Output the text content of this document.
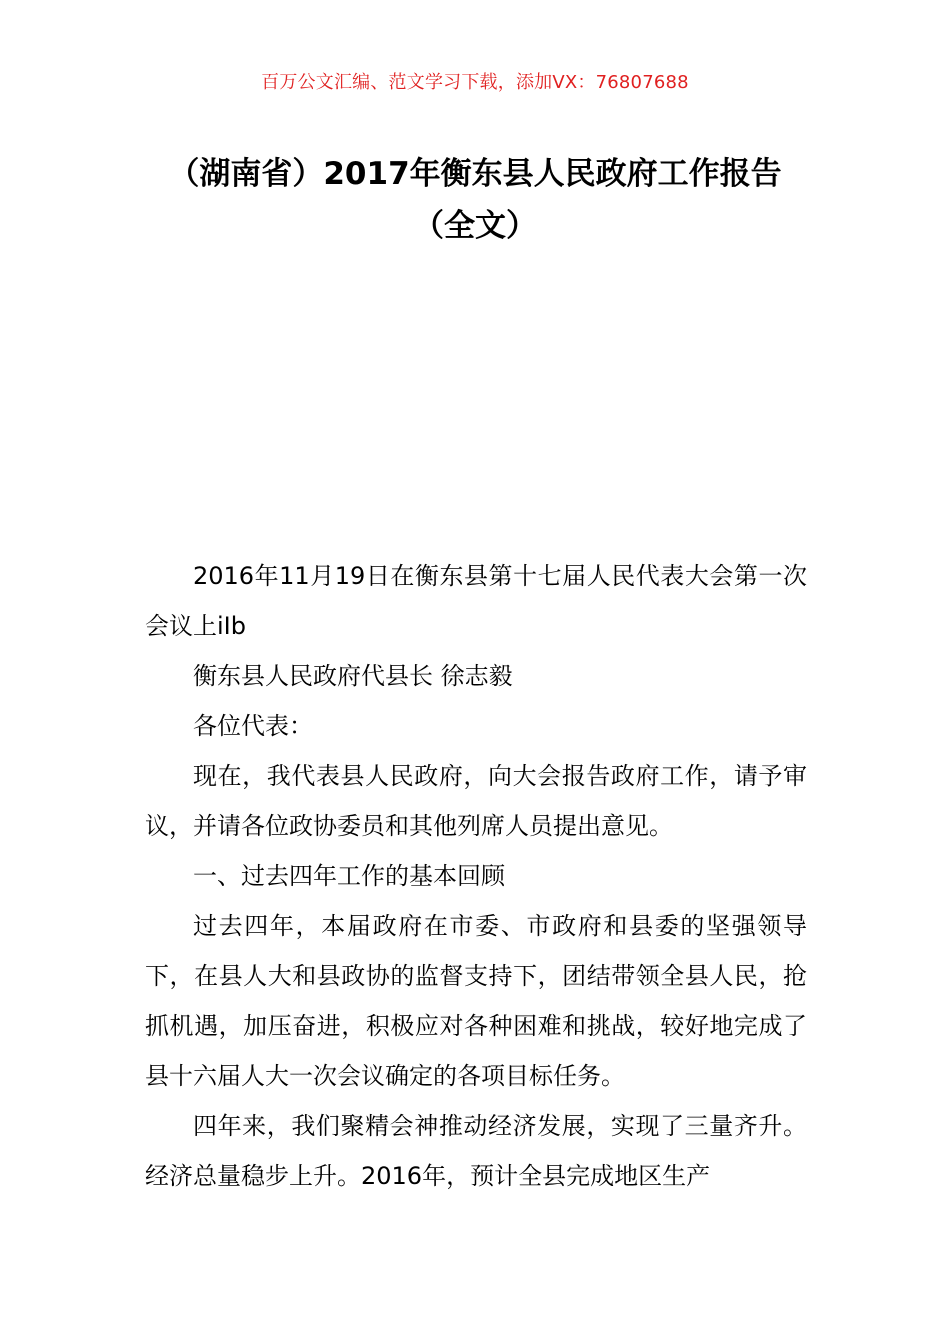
百万公文汇编、范文学习下载，添加VX：76807688
（湖南省）2017年衡东县人民政府工作报告（全文）

2016年11月19日在衡东县第十七届人民代表大会第一次会议上iIb

衡东县人民政府代县长 徐志毅

各位代表：

现在，我代表县人民政府，向大会报告政府工作，请予审议，并请各位政协委员和其他列席人员提出意见。

一、过去四年工作的基本回顾

过去四年，本届政府在市委、市政府和县委的坚强领导下，在县人大和县政协的监督支持下，团结带领全县人民，抢抓机遇，加压奋进，积极应对各种困难和挑战，较好地完成了县十六届人大一次会议确定的各项目标任务。

四年来，我们聚精会神推动经济发展，实现了三量齐升。经济总量稳步上升。2016年，预计全县完成地区生产
